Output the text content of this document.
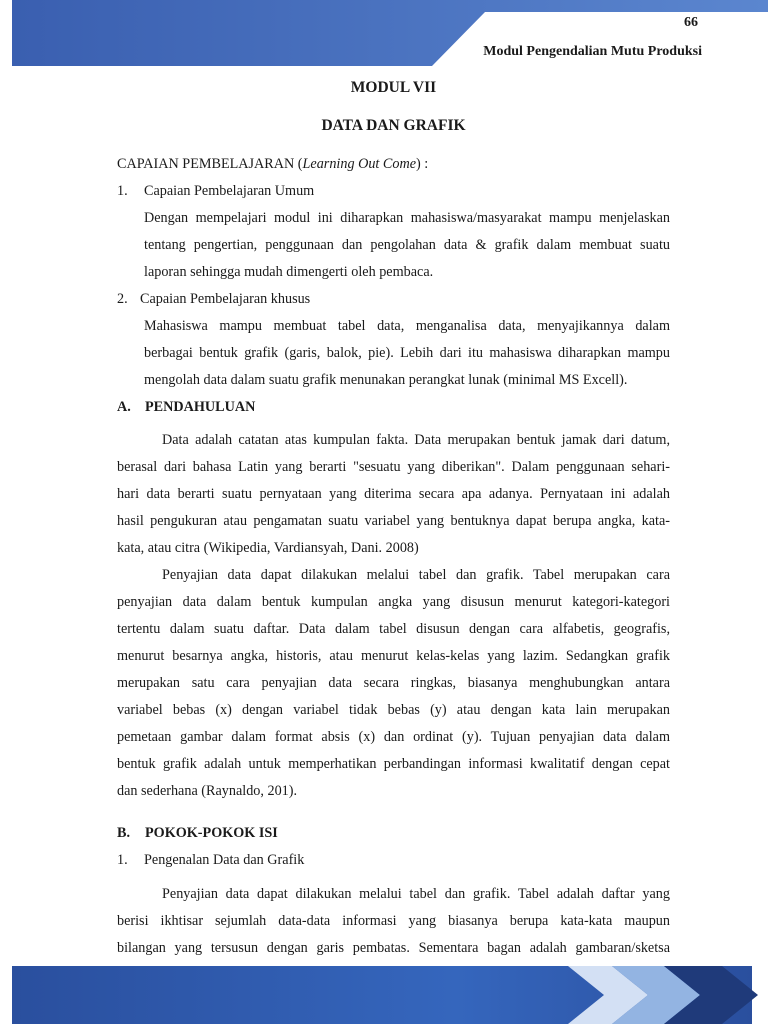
66
Modul Pengendalian Mutu Produksi
MODUL VII
DATA DAN GRAFIK
CAPAIAN PEMBELAJARAN (Learning Out Come) :
1. Capaian Pembelajaran Umum
Dengan mempelajari modul ini diharapkan mahasiswa/masyarakat mampu menjelaskan
tentang pengertian, penggunaan dan pengolahan data & grafik dalam membuat suatu
laporan sehingga mudah dimengerti oleh pembaca.
2. Capaian Pembelajaran khusus
Mahasiswa mampu membuat tabel data, menganalisa data, menyajikannya dalam
berbagai bentuk grafik (garis, balok, pie). Lebih dari itu mahasiswa diharapkan mampu
mengolah data dalam suatu grafik menunakan perangkat lunak (minimal MS Excell).
A. PENDAHULUAN
Data adalah catatan atas kumpulan fakta. Data merupakan bentuk jamak dari datum,
berasal dari bahasa Latin yang berarti "sesuatu yang diberikan". Dalam penggunaan sehari-
hari data berarti suatu pernyataan yang diterima secara apa adanya. Pernyataan ini adalah
hasil pengukuran atau pengamatan suatu variabel yang bentuknya dapat berupa angka, kata-
kata, atau citra (Wikipedia, Vardiansyah, Dani. 2008)
Penyajian data dapat dilakukan melalui tabel dan grafik. Tabel merupakan cara
penyajian data dalam bentuk kumpulan angka yang disusun menurut kategori-kategori
tertentu dalam suatu daftar. Data dalam tabel disusun dengan cara alfabetis, geografis,
menurut besarnya angka, historis, atau menurut kelas-kelas yang lazim. Sedangkan grafik
merupakan satu cara penyajian data secara ringkas, biasanya menghubungkan antara
variabel bebas (x) dengan variabel tidak bebas (y) atau dengan kata lain merupakan
pemetaan gambar dalam format absis (x) dan ordinat (y). Tujuan penyajian data dalam
bentuk grafik adalah untuk memperhatikan perbandingan informasi kwalitatif dengan cepat
dan sederhana (Raynaldo, 201).
B. POKOK-POKOK ISI
1. Pengenalan Data dan Grafik
Penyajian data dapat dilakukan melalui tabel dan grafik. Tabel adalah daftar yang
berisi ikhtisar sejumlah data-data informasi yang biasanya berupa kata-kata maupun
bilangan yang tersusun dengan garis pembatas. Sementara bagan adalah gambaran/sketsa
